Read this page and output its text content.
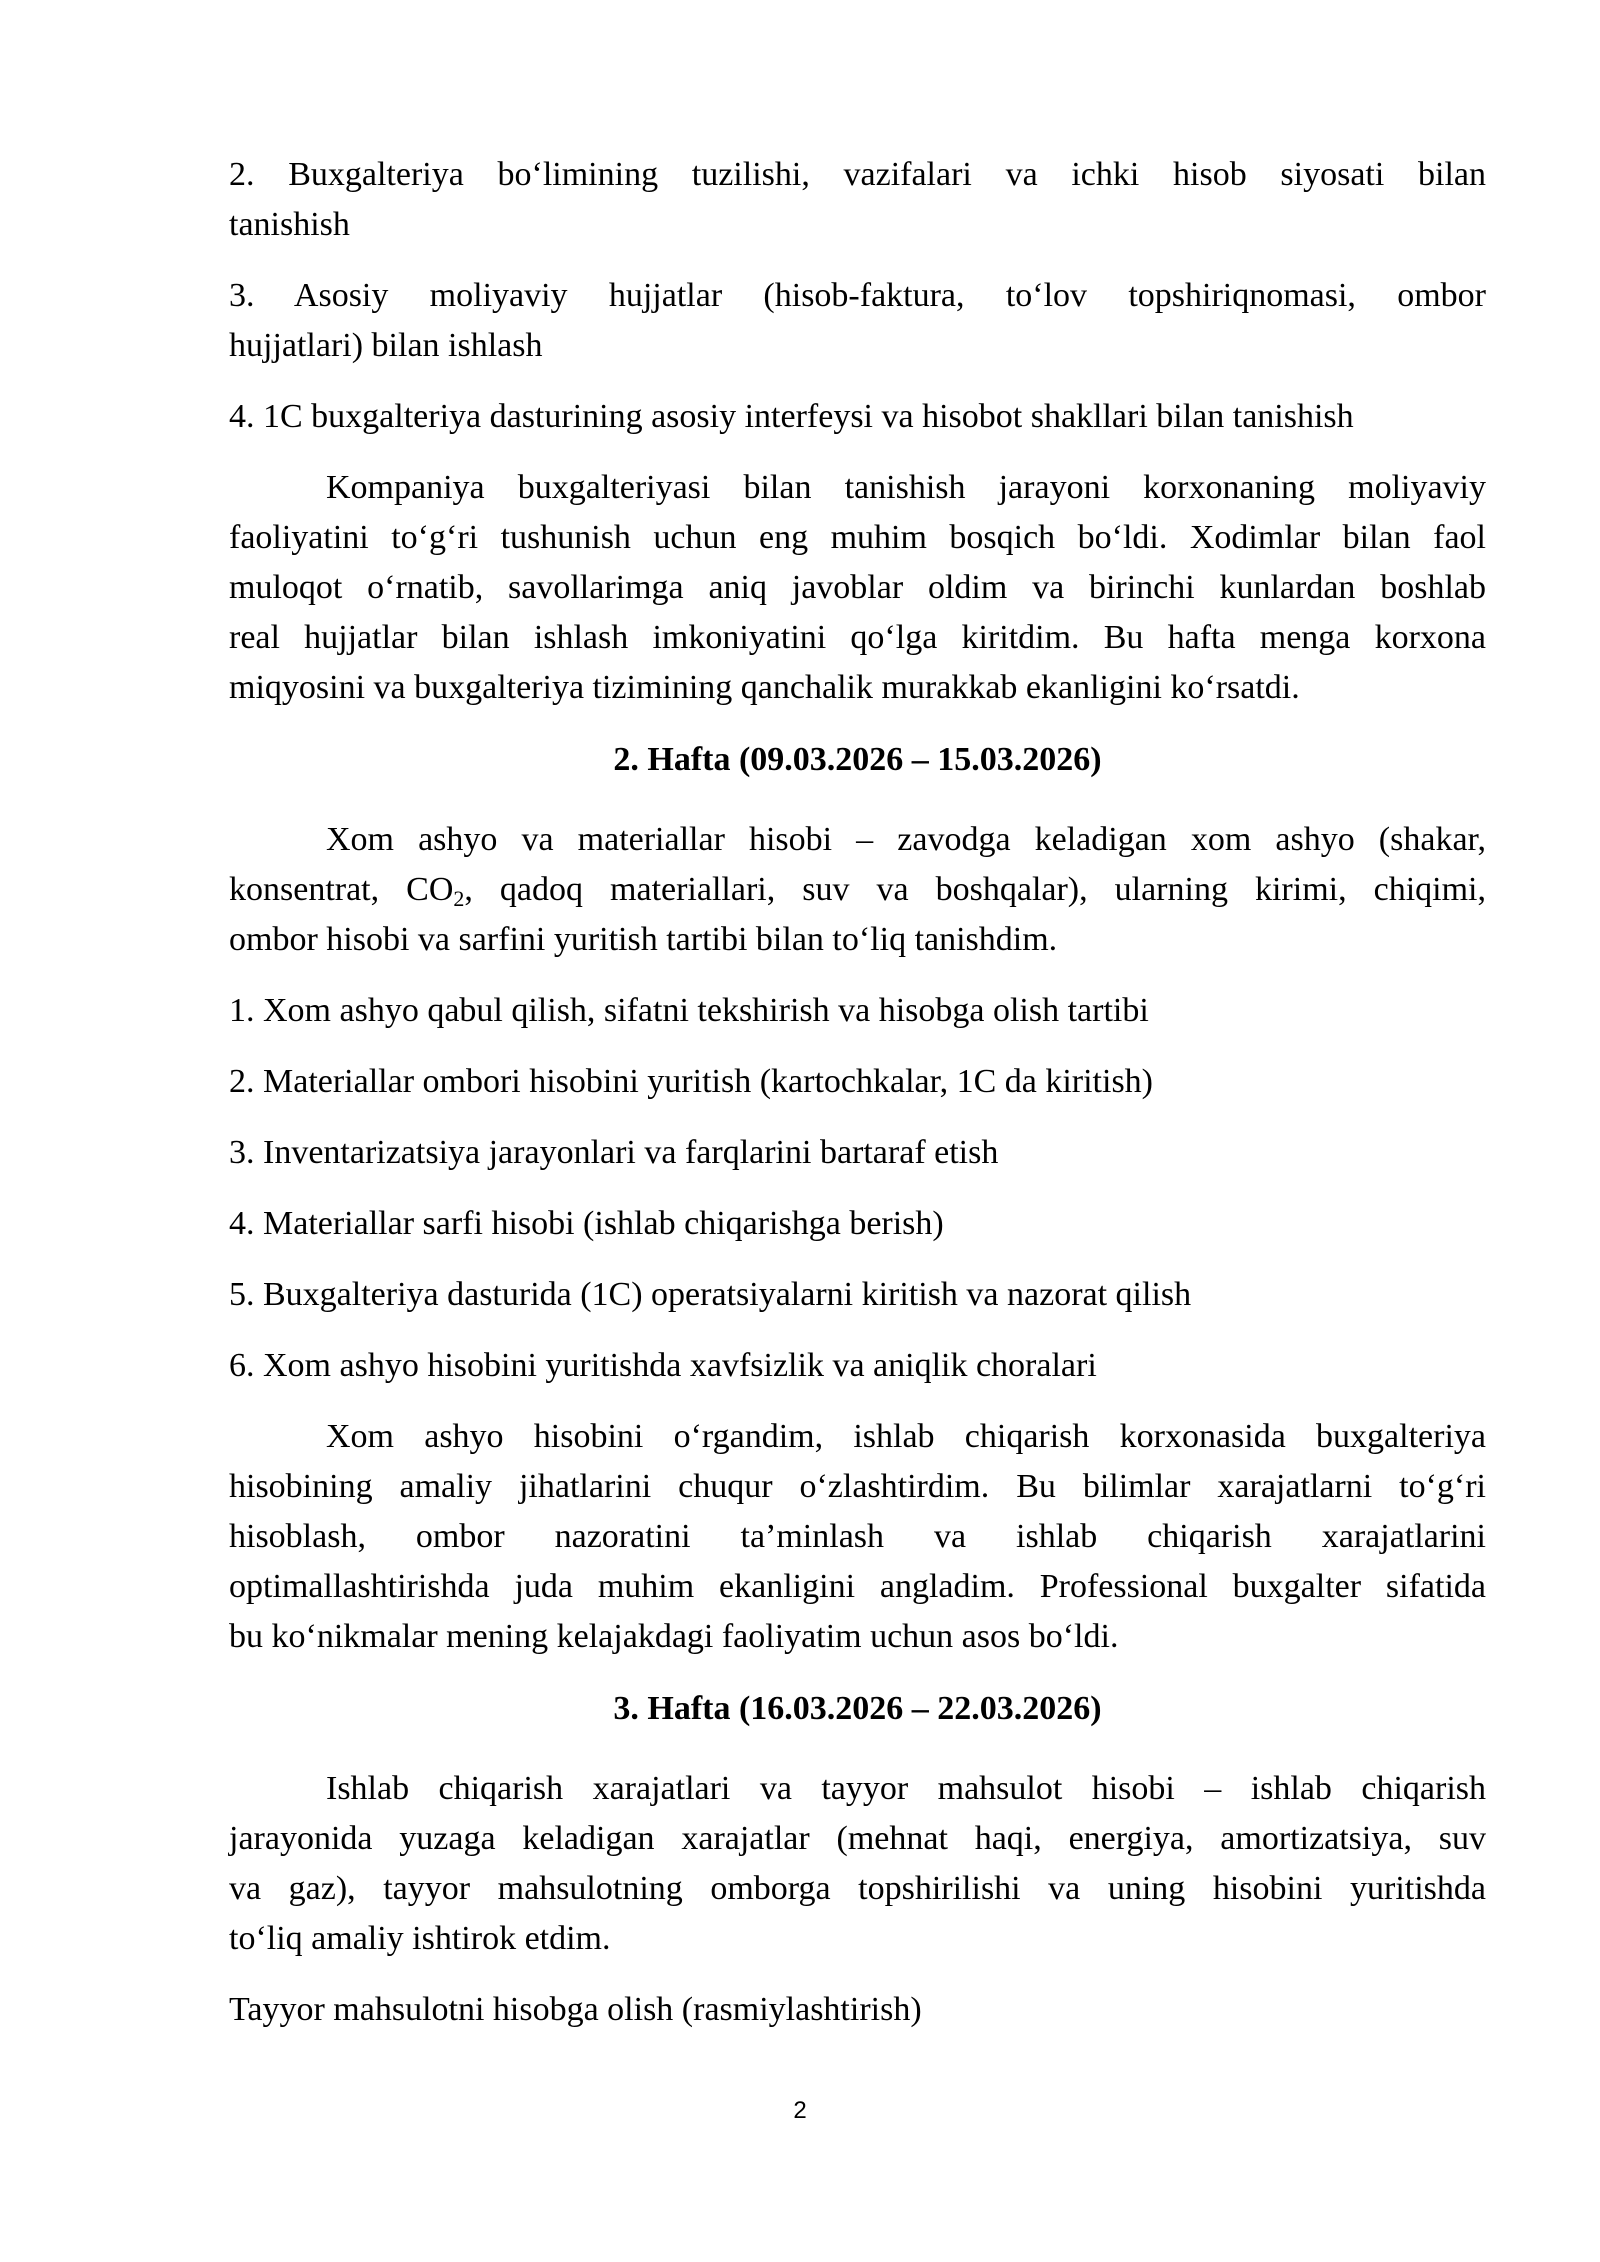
2. Buxgalteriya bo‘limining tuzilishi, vazifalari va ichki hisob siyosati bilan
tanishish
3. Asosiy moliyaviy hujjatlar (hisob-faktura, to‘lov topshiriqnomasi, ombor
hujjatlari) bilan ishlash
4. 1C buxgalteriya dasturining asosiy interfeysi va hisobot shakllari bilan tanishish

Kompaniya buxgalteriyasi bilan tanishish jarayoni korxonaning moliyaviy
faoliyatini to‘g‘ri tushunish uchun eng muhim bosqich bo‘ldi. Xodimlar bilan faol
muloqot o‘rnatib, savollarimga aniq javoblar oldim va birinchi kunlardan boshlab
real hujjatlar bilan ishlash imkoniyatini qo‘lga kiritdim. Bu hafta menga korxona
miqyosini va buxgalteriya tizimining qanchalik murakkab ekanligini ko‘rsatdi.

2. Hafta (09.03.2026 – 15.03.2026)

Xom ashyo va materiallar hisobi – zavodga keladigan xom ashyo (shakar,
konsentrat, $CO_2$, qadoq materiallari, suv va boshqalar), ularning kirimi, chiqimi,
ombor hisobi va sarfini yuritish tartibi bilan to‘liq tanishdim.

1. Xom ashyo qabul qilish, sifatni tekshirish va hisobga olish tartibi

2. Materiallar ombori hisobini yuritish (kartochkalar, 1C da kiritish)

3. Inventarizatsiya jarayonlari va farqlarini bartaraf etish

4. Materiallar sarfi hisobi (ishlab chiqarishga berish)

5. Buxgalteriya dasturida (1C) operatsiyalarni kiritish va nazorat qilish

6. Xom ashyo hisobini yuritishda xavfsizlik va aniqlik choralari

Xom ashyo hisobini o‘rgandim, ishlab chiqarish korxonasida buxgalteriya
hisobining amaliy jihatlarini chuqur o‘zlashtirdim. Bu bilimlar xarajatlarni to‘g‘ri
hisoblash, ombor nazoratini ta’minlash va ishlab chiqarish xarajatlarini
optimallashtirishda juda muhim ekanligini angladim. Professional buxgalter sifatida
bu ko‘nikmalar mening kelajakdagi faoliyatim uchun asos bo‘ldi.

3. Hafta (16.03.2026 – 22.03.2026)

Ishlab chiqarish xarajatlari va tayyor mahsulot hisobi – ishlab chiqarish
jarayonida yuzaga keladigan xarajatlar (mehnat haqi, energiya, amortizatsiya, suv
va gaz), tayyor mahsulotning omborga topshirilishi va uning hisobini yuritishda
to‘liq amaliy ishtirok etdim.

Tayyor mahsulotni hisobga olish (rasmiylashtirish)

2
